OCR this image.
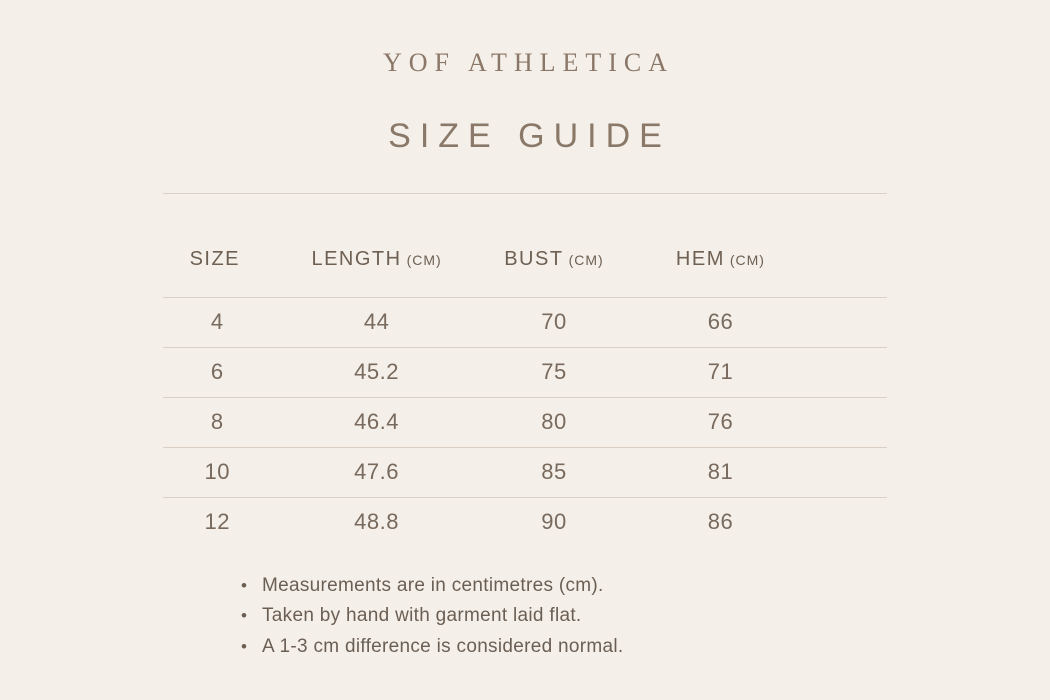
YOF ATHLETICA
SIZE GUIDE
SIZE	LENGTH (CM)	BUST (CM)	HEM (CM)	
4	44	70	66	
6	45.2	75	71	
8	46.4	80	76	
10	47.6	85	81	
12	48.8	90	86	
• Measurements are in centimetres (cm).
• Taken by hand with garment laid flat.
• A 1-3 cm difference is considered normal.
